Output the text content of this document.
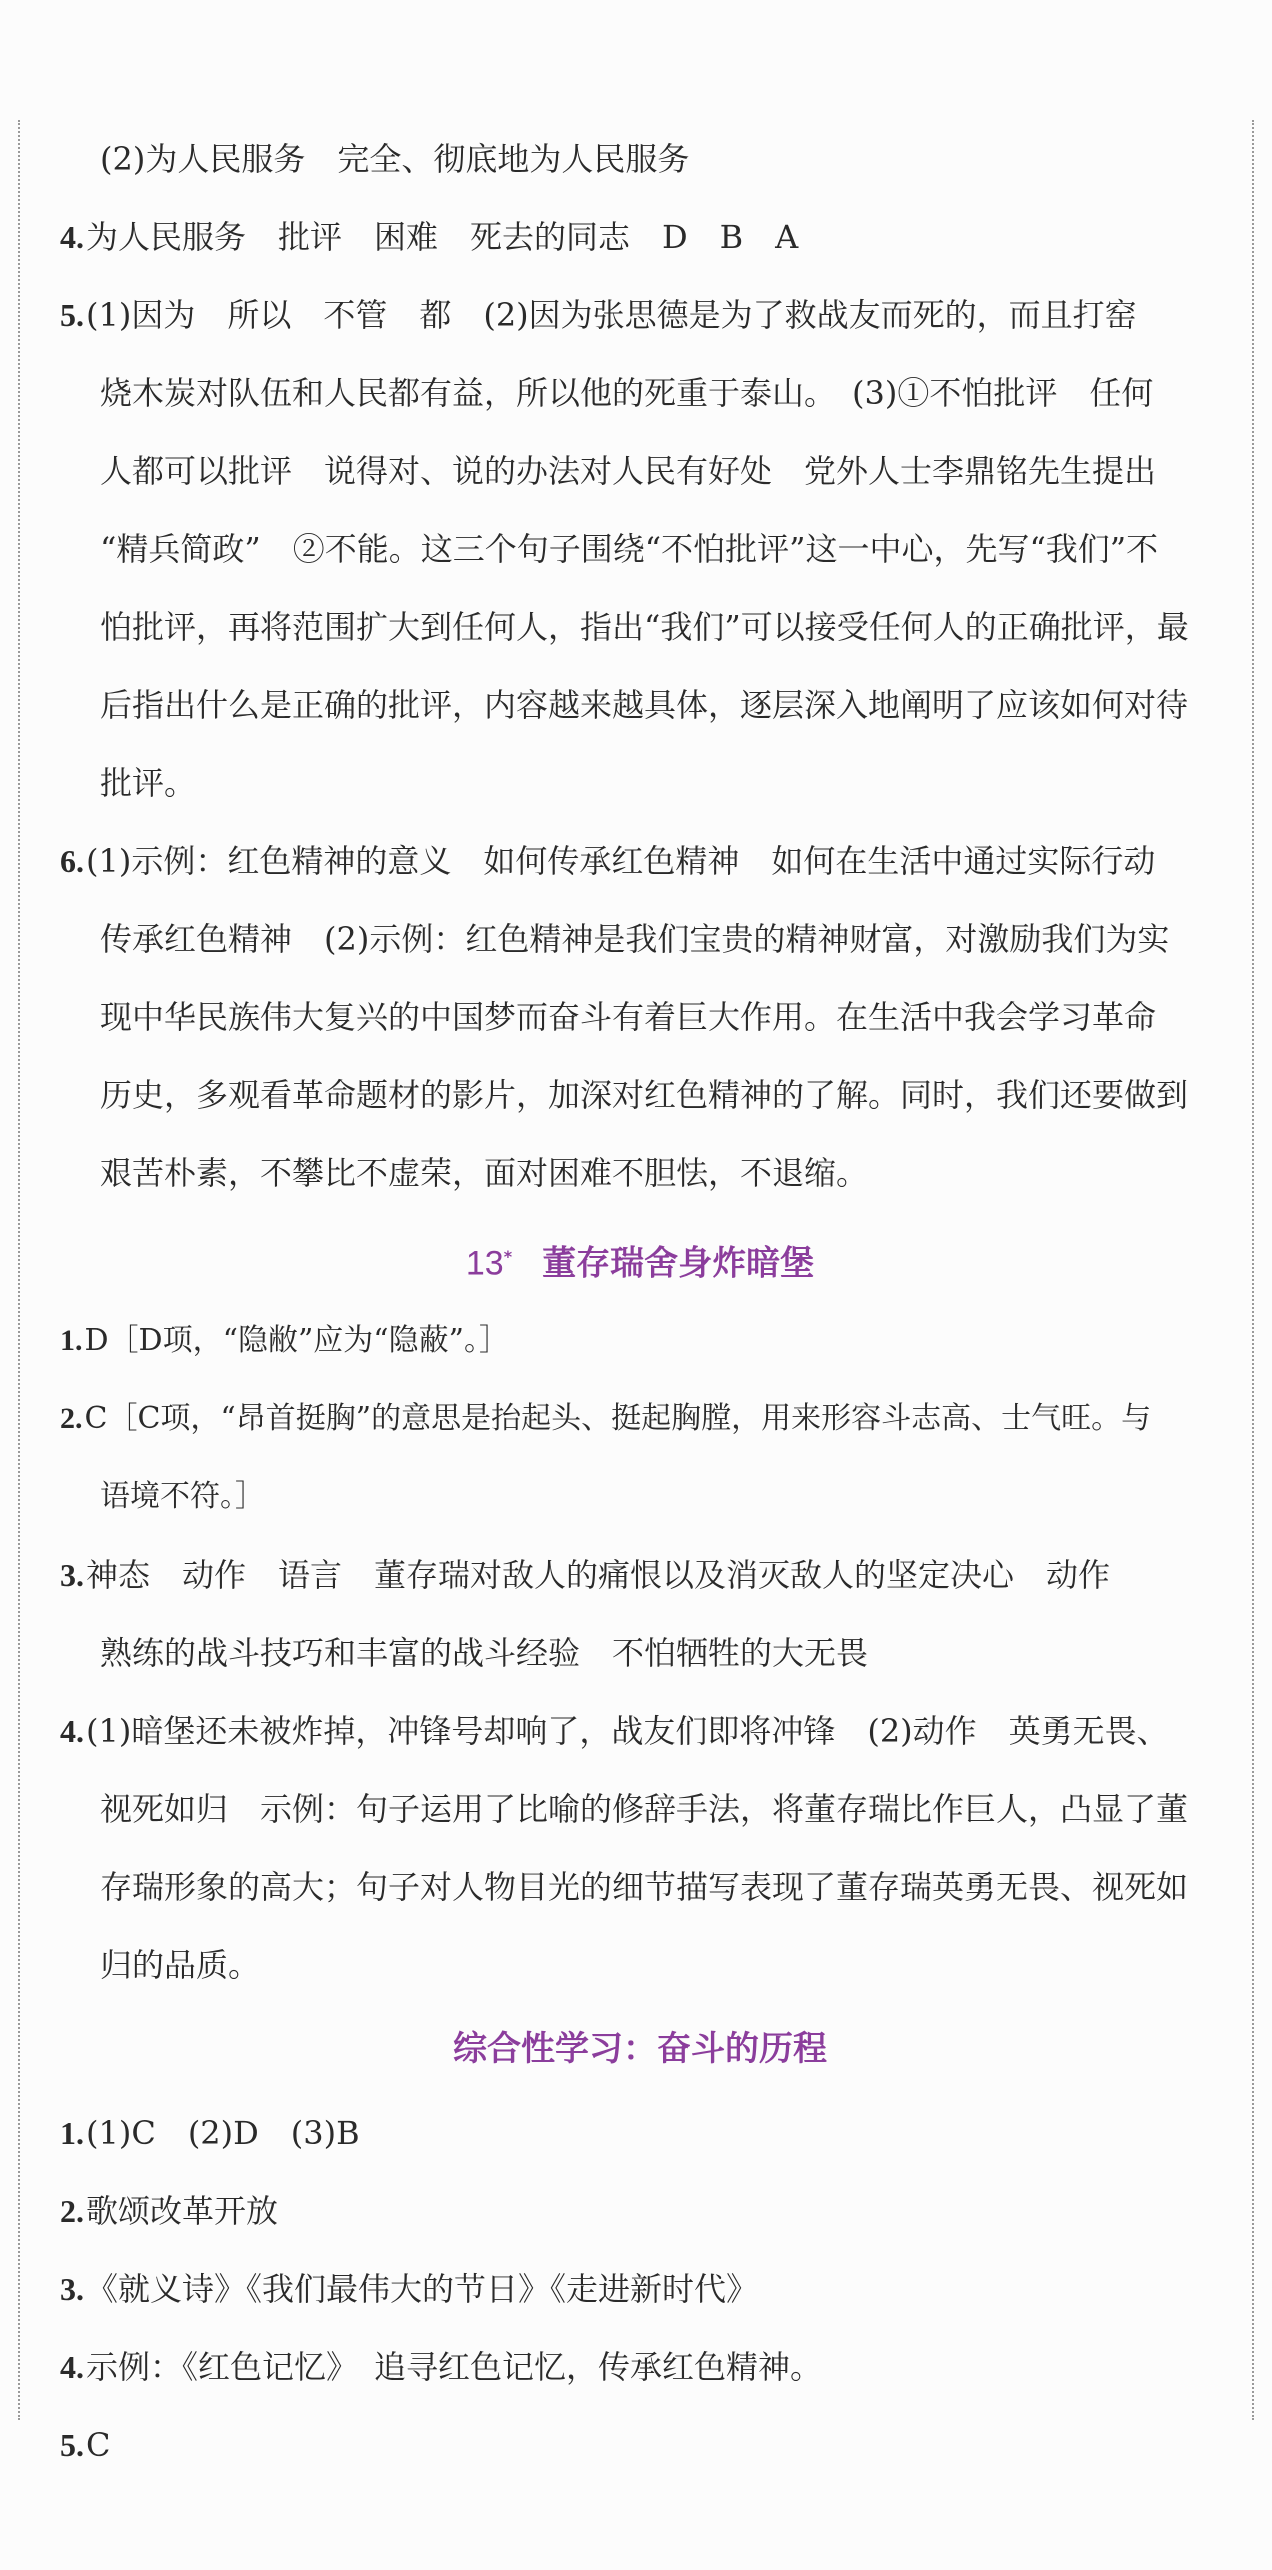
(2)为人民服务　完全、彻底地为人民服务
4.为人民服务　批评　困难　死去的同志　D　B　A
5.(1)因为　所以　不管　都　(2)因为张思德是为了救战友而死的，而且打窑
烧木炭对队伍和人民都有益，所以他的死重于泰山。　(3)①不怕批评　任何
人都可以批评　说得对、说的办法对人民有好处　党外人士李鼎铭先生提出
“精兵简政”　②不能。这三个句子围绕“不怕批评”这一中心，先写“我们”不
怕批评，再将范围扩大到任何人，指出“我们”可以接受任何人的正确批评，最
后指出什么是正确的批评，内容越来越具体，逐层深入地阐明了应该如何对待
批评。
6.(1)示例：红色精神的意义　如何传承红色精神　如何在生活中通过实际行动
传承红色精神　(2)示例：红色精神是我们宝贵的精神财富，对激励我们为实
现中华民族伟大复兴的中国梦而奋斗有着巨大作用。在生活中我会学习革命
历史，多观看革命题材的影片，加深对红色精神的了解。同时，我们还要做到
艰苦朴素，不攀比不虚荣，面对困难不胆怯，不退缩。
13* 董存瑞舍身炸暗堡
1.D［D项，“隐敝”应为“隐蔽”。］
2.C［C项，“昂首挺胸”的意思是抬起头、挺起胸膛，用来形容斗志高、士气旺。与
语境不符。］
3.神态　动作　语言　董存瑞对敌人的痛恨以及消灭敌人的坚定决心　动作
熟练的战斗技巧和丰富的战斗经验　不怕牺牲的大无畏
4.(1)暗堡还未被炸掉，冲锋号却响了，战友们即将冲锋　(2)动作　英勇无畏、
视死如归　示例：句子运用了比喻的修辞手法，将董存瑞比作巨人，凸显了董
存瑞形象的高大；句子对人物目光的细节描写表现了董存瑞英勇无畏、视死如
归的品质。
综合性学习：奋斗的历程
1.(1)C　(2)D　(3)B
2.歌颂改革开放
3.《就义诗》《我们最伟大的节日》《走进新时代》
4.示例：《红色记忆》　追寻红色记忆，传承红色精神。
5.C
